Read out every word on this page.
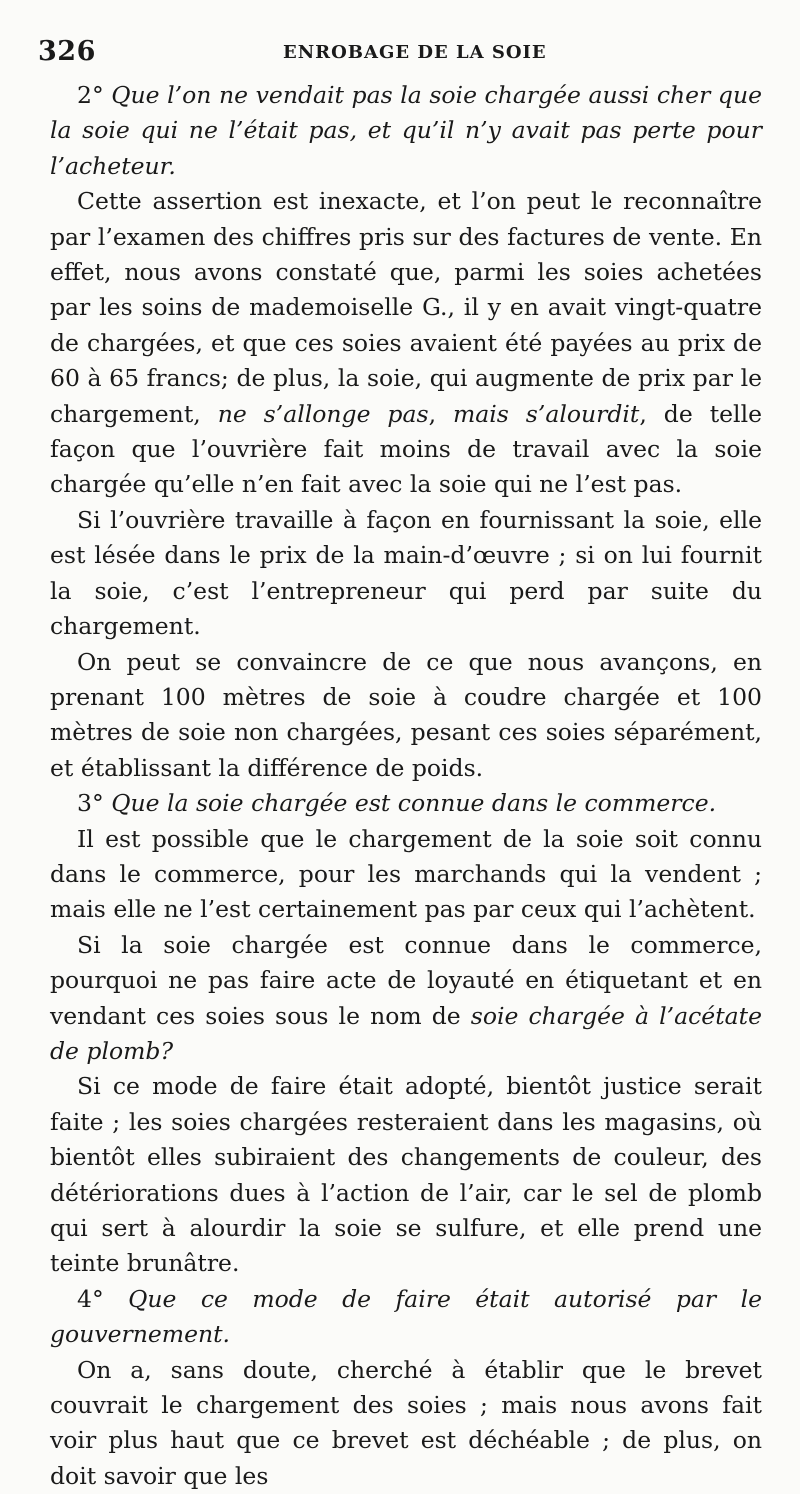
326	ENROBAGE DE LA SOIE

2° Que l’on ne vendait pas la soie chargée aussi cher que la soie qui ne l’était pas, et qu’il n’y avait pas perte pour l’acheteur.

Cette assertion est inexacte, et l’on peut le reconnaître par l’examen des chiffres pris sur des factures de vente. En effet, nous avons constaté que, parmi les soies achetées par les soins de mademoiselle G., il y en avait vingt-quatre de chargées, et que ces soies avaient été payées au prix de 60 à 65 francs; de plus, la soie, qui augmente de prix par le chargement, ne s’allonge pas, mais s’alourdit, de telle façon que l’ouvrière fait moins de travail avec la soie chargée qu’elle n’en fait avec la soie qui ne l’est pas.

Si l’ouvrière travaille à façon en fournissant la soie, elle est lésée dans le prix de la main-d’œuvre ; si on lui fournit la soie, c’est l’entrepreneur qui perd par suite du chargement.

On peut se convaincre de ce que nous avançons, en prenant 100 mètres de soie à coudre chargée et 100 mètres de soie non chargées, pesant ces soies séparément, et établissant la différence de poids.

3° Que la soie chargée est connue dans le commerce.

Il est possible que le chargement de la soie soit connu dans le commerce, pour les marchands qui la vendent ; mais elle ne l’est certainement pas par ceux qui l’achètent.

Si la soie chargée est connue dans le commerce, pourquoi ne pas faire acte de loyauté en étiquetant et en vendant ces soies sous le nom de soie chargée à l’acétate de plomb?

Si ce mode de faire était adopté, bientôt justice serait faite ; les soies chargées resteraient dans les magasins, où bientôt elles subiraient des changements de couleur, des détériorations dues à l’action de l’air, car le sel de plomb qui sert à alourdir la soie se sulfure, et elle prend une teinte brunâtre.

4° Que ce mode de faire était autorisé par le gouvernement.

On a, sans doute, cherché à établir que le brevet couvrait le chargement des soies ; mais nous avons fait voir plus haut que ce brevet est déchéable ; de plus, on doit savoir que les
